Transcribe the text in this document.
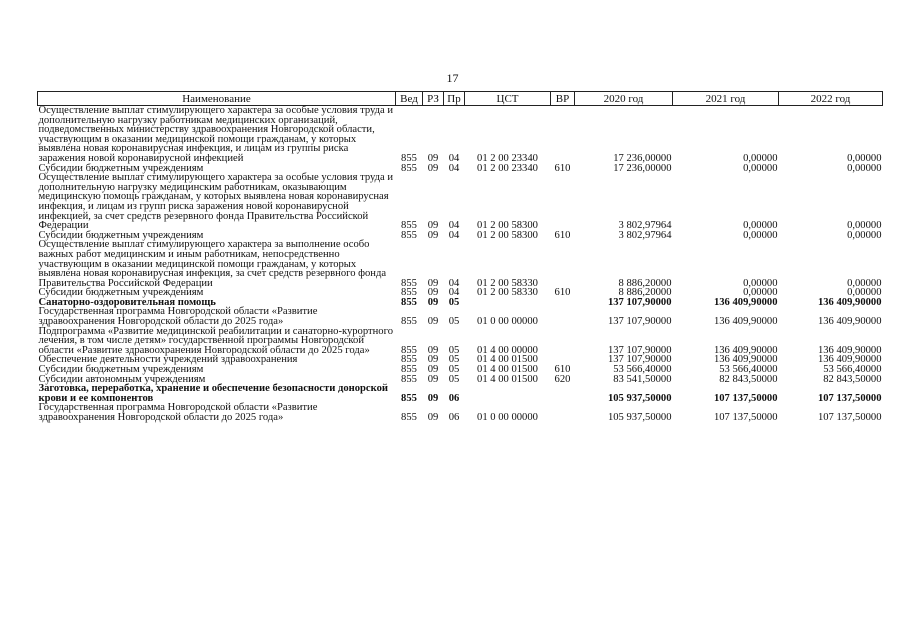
17
Наименование	Вед	РЗ	Пр	ЦСТ	ВР	2020 год	2021 год	2022 год
Осуществление выплат стимулирующего характера за особые условия труда и дополнительную нагрузку работникам медицинских организаций, подведомственных министерству здравоохранения Новгородской области, участвующим в оказании медицинской помощи гражданам, у которых выявлена новая коронавирусная инфекция, и лицам из группы риска заражения новой коронавирусной инфекцией	855	09	04	01 2 00 23340		17 236,00000	0,00000	0,00000
Субсидии бюджетным учреждениям	855	09	04	01 2 00 23340	610	17 236,00000	0,00000	0,00000
Осуществление выплат стимулирующего характера за особые условия труда и дополнительную нагрузку медицинским работникам, оказывающим медицинскую помощь гражданам, у которых выявлена новая коронавирусная инфекция, и лицам из групп риска заражения новой коронавирусной инфекцией, за счет средств резервного фонда Правительства Российской Федерации	855	09	04	01 2 00 58300		3 802,97964	0,00000	0,00000
Субсидии бюджетным учреждениям	855	09	04	01 2 00 58300	610	3 802,97964	0,00000	0,00000
Осуществление выплат стимулирующего характера за выполнение особо важных работ медицинским и иным работникам, непосредственно участвующим в оказании медицинской помощи гражданам, у которых выявлена новая коронавирусная инфекция, за счет средств резервного фонда Правительства Российской Федерации	855	09	04	01 2 00 58330		8 886,20000	0,00000	0,00000
Субсидии бюджетным учреждениям	855	09	04	01 2 00 58330	610	8 886,20000	0,00000	0,00000
Санаторно-оздоровительная помощь	855	09	05			137 107,90000	136 409,90000	136 409,90000
Государственная программа Новгородской области «Развитие здравоохранения Новгородской области до 2025 года»	855	09	05	01 0 00 00000		137 107,90000	136 409,90000	136 409,90000
Подпрограмма «Развитие медицинской реабилитации и санаторно-курортного лечения, в том числе детям» государственной программы Новгородской области «Развитие здравоохранения Новгородской области до 2025 года»	855	09	05	01 4 00 00000		137 107,90000	136 409,90000	136 409,90000
Обеспечение деятельности учреждений здравоохранения	855	09	05	01 4 00 01500		137 107,90000	136 409,90000	136 409,90000
Субсидии бюджетным учреждениям	855	09	05	01 4 00 01500	610	53 566,40000	53 566,40000	53 566,40000
Субсидии автономным учреждениям	855	09	05	01 4 00 01500	620	83 541,50000	82 843,50000	82 843,50000
Заготовка, переработка, хранение и обеспечение безопасности донорской крови и ее компонентов	855	09	06			105 937,50000	107 137,50000	107 137,50000
Государственная программа Новгородской области «Развитие здравоохранения Новгородской области до 2025 года»	855	09	06	01 0 00 00000		105 937,50000	107 137,50000	107 137,50000
